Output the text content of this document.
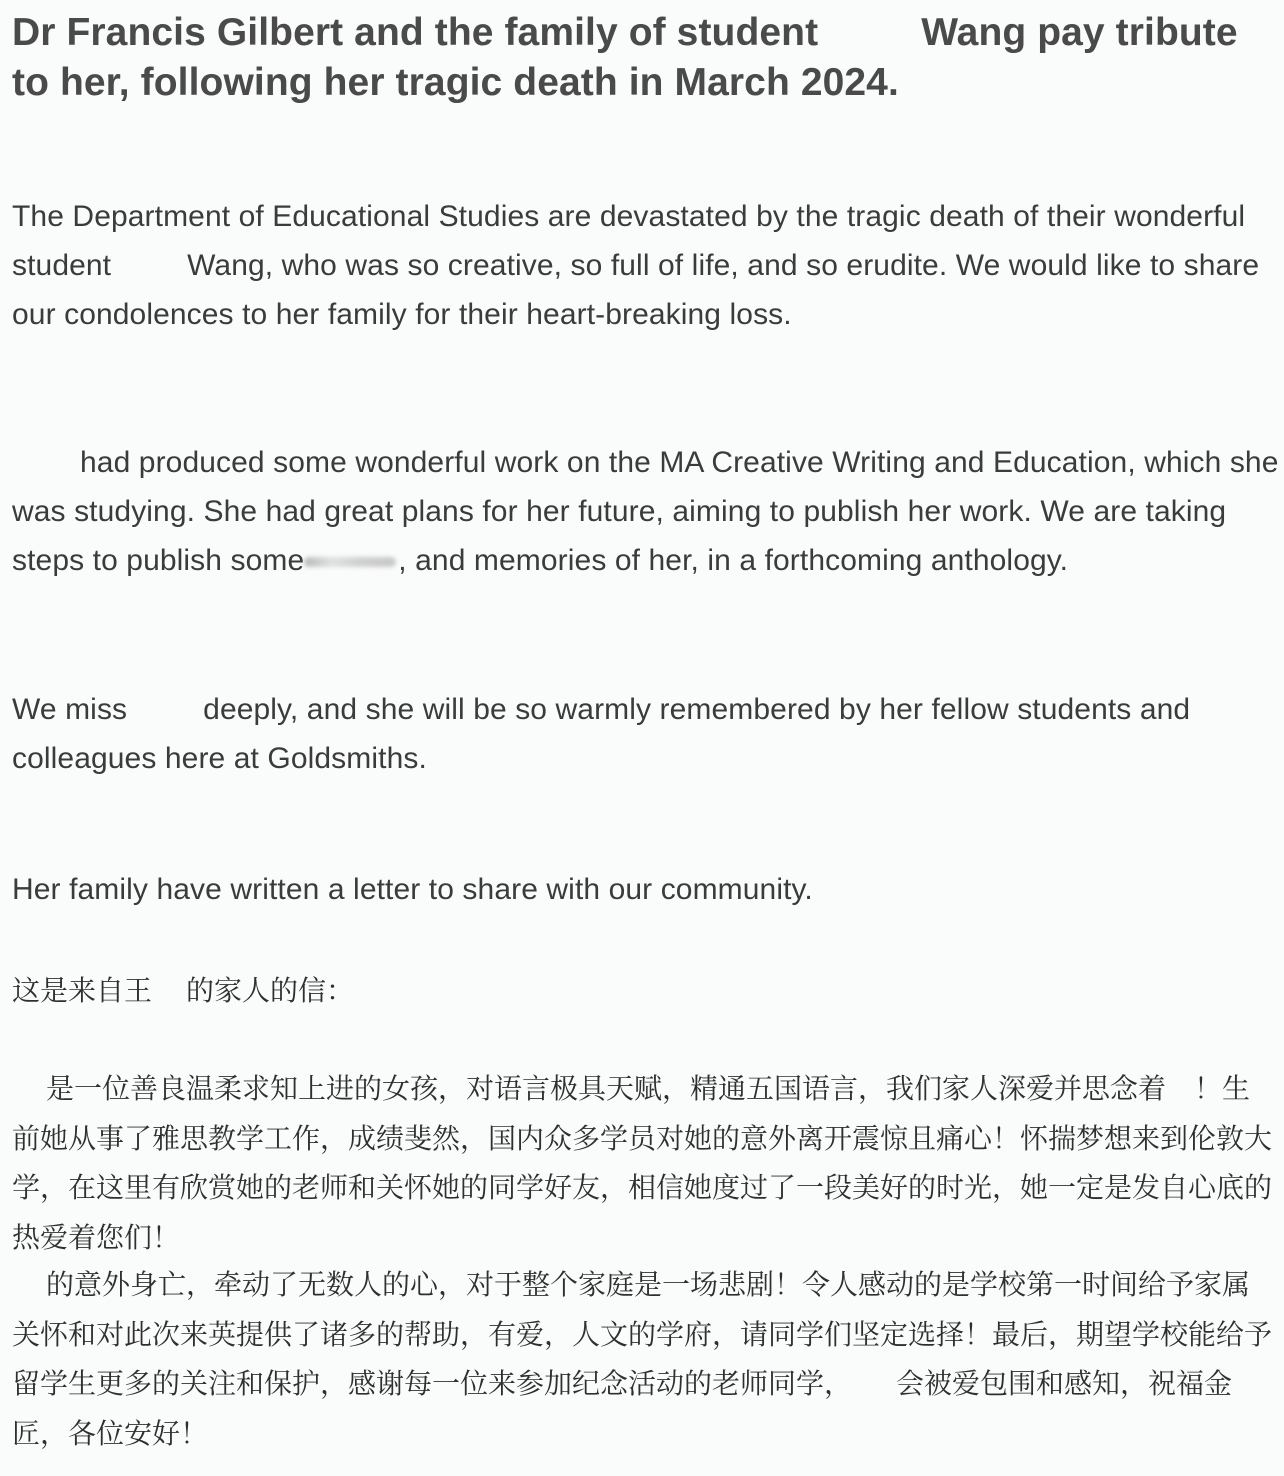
Dr Francis Gilbert and the family of student	Wang pay tribute to her, following her tragic death in March 2024.

The Department of Educational Studies are devastated by the tragic death of their wonderful student	Wang, who was so creative, so full of life, and so erudite. We would like to share our condolences to her family for their heart-breaking loss.

had produced some wonderful work on the MA Creative Writing and Education, which she was studying. She had great plans for her future, aiming to publish her work. We are taking steps to publish some	, and memories of her, in a forthcoming anthology.

We miss	deeply, and she will be so warmly remembered by her fellow students and colleagues here at Goldsmiths.

Her family have written a letter to share with our community.

这是来自王 的家人的信：

是一位善良温柔求知上进的女孩，对语言极具天赋，精通五国语言，我们家人深爱并思念着 ！生前她从事了雅思教学工作，成绩斐然，国内众多学员对她的意外离开震惊且痛心！怀揣梦想来到伦敦大学，在这里有欣赏她的老师和关怀她的同学好友，相信她度过了一段美好的时光，她一定是发自心底的热爱着您们！

的意外身亡，牵动了无数人的心，对于整个家庭是一场悲剧！令人感动的是学校第一时间给予家属关怀和对此次来英提供了诸多的帮助，有爱，人文的学府，请同学们坚定选择！最后，期望学校能给予留学生更多的关注和保护，感谢每一位来参加纪念活动的老师同学， 会被爱包围和感知，祝福金匠，各位安好！
